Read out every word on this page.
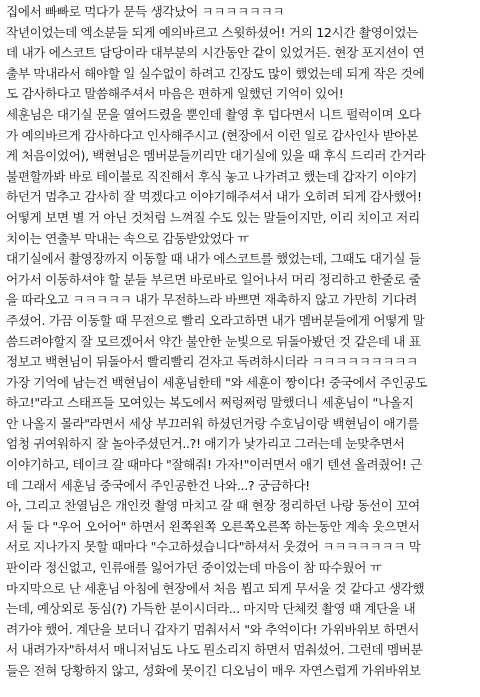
집에서 빠빠로 먹다가 문득 생각났어 ㅋㅋㅋㅋㅋㅋㅋ
작년이었는데 엑소분들 되게 예의바르고 스윗하셨어! 거의 12시간 촬영이었는
데 내가 에스코트 담당이라 대부분의 시간동안 같이 있었거든. 현장 포지션이 연
출부 막내라서 해야할 일 실수없이 하려고 긴장도 많이 했었는데 되게 작은 것에
도 감사하다고 말씀해주셔서 마음은 편하게 일했던 기억이 있어!
세훈님은 대기실 문을 열어드렸을 뿐인데 촬영 후 덥다면서 니트 펄럭이며 오다
가 예의바르게 감사하다고 인사해주시고 (현장에서 이런 일로 감사인사 받아본
게 처음이었어), 백현님은 멤버분들끼리만 대기실에 있을 때 후식 드리러 간거라
불편할까봐 바로 테이블로 직진해서 후식 놓고 나가려고 했는데 갑자기 이야기
하던거 멈추고 감사히 잘 먹겠다고 이야기해주셔서 내가 오히려 되게 감사했어!
어떻게 보면 별 거 아닌 것처럼 느껴질 수도 있는 말들이지만, 이리 치이고 저리
치이는 연출부 막내는 속으로 감동받았었다 ㅠ
대기실에서 촬영장까지 이동할 때 내가 에스코트를 했었는데, 그때도 대기실 들
어가서 이동하셔야 할 분들 부르면 바로바로 일어나서 머리 정리하고 한줄로 줄
을 따라오고 ㅋㅋㅋㅋㅋ 내가 무전하느라 바쁘면 재촉하지 않고 가만히 기다려
주셨어. 가끔 이동할 때 무전으로 빨리 오라고하면 내가 멤버분들에게 어떻게 말
씀드려야할지 잘 모르겠어서 약간 불안한 눈빛으로 뒤돌아봤던 것 같은데 내 표
정보고 백현님이 뒤돌아서 빨리빨리 걷자고 독려하시더라 ㅋㅋㅋㅋㅋㅋㅋㅋㅋ
가장 기억에 남는건 백현님이 세훈님한테 "와 세훈이 짱이다! 중국에서 주인공도
하고!"라고 스태프들 모여있는 복도에서 쩌렁쩌렁 말했더니 세훈님이 "나올지
안 나올지 몰라"라면서 세상 부끄러워 하셨던거랑 수호님이랑 백현님이 애기를
엄청 귀여워하지 잘 놀아주셨던거..?! 애기가 낯가리고 그러는데 눈맞추면서
이야기하고, 테이크 갈 때마다 "잘해줘! 가자!"이러면서 애기 텐션 올려줬어! 근
데 그래서 세훈님 중국에서 주인공한건 나와...? 궁금하다!
아, 그리고 찬열님은 개인컷 촬영 마치고 갈 때 현장 정리하던 나랑 동선이 꼬여
서 둘 다 "우어 오어어" 하면서 왼쪽왼쪽 오른쪽오른쪽 하는동안 계속 웃으면서
서로 지나가지 못할 때마다 "수고하셨습니다"하셔서 웃겼어 ㅋㅋㅋㅋㅋㅋㅋ 막
판이라 정신없고, 인류애를 잃어가던 중이었는데 마음이 참 따수웠어 ㅠ
마지막으로 난 세훈님 아침에 현장에서 처음 뵙고 되게 무서울 것 같다고 생각했
는데, 예상외로 동심(?) 가득한 분이시더라... 마지막 단체컷 촬영 때 계단을 내
려가야 했어. 계단을 보더니 갑자기 멈춰서서 "와 추억이다! 가위바위보 하면서
서 내려가자"하셔서 매니저님도 나도 뭔소리지 하면서 멈춰섰어. 그런데 멤버분
들은 전혀 당황하지 않고, 성화에 못이긴 디오님이 매우 자연스럽게 가위바위보
